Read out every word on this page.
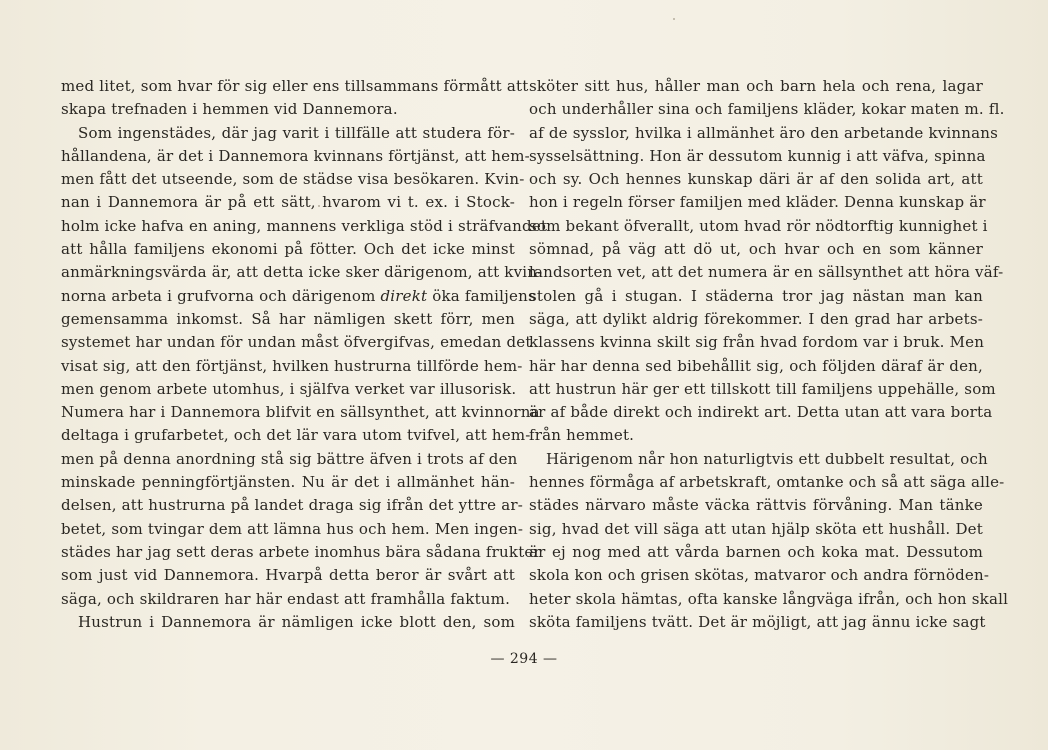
med litet, som hvar för sig eller ens tillsammans förmått att
skapa trefnaden i hemmen vid Dannemora.
Som ingenstädes, där jag varit i tillfälle att studera för-
hållandena, är det i Dannemora kvinnans förtjänst, att hem-
men fått det utseende, som de städse visa besökaren. Kvin-
nan i Dannemora är på ett sätt, hvarom vi t. ex. i Stock-
holm icke hafva en aning, mannens verkliga stöd i sträfvandet
att hålla familjens ekonomi på fötter. Och det icke minst
anmärkningsvärda är, att detta icke sker därigenom, att kvin-
norna arbeta i grufvorna och därigenom direkt öka familjens
gemensamma inkomst. Så har nämligen skett förr, men
systemet har undan för undan måst öfvergifvas, emedan det
visat sig, att den förtjänst, hvilken hustrurna tillförde hem-
men genom arbete utomhus, i själfva verket var illusorisk.
Numera har i Dannemora blifvit en sällsynthet, att kvinnorna
deltaga i grufarbetet, och det lär vara utom tvifvel, att hem-
men på denna anordning stå sig bättre äfven i trots af den
minskade penningförtjänsten. Nu är det i allmänhet hän-
delsen, att hustrurna på landet draga sig ifrån det yttre ar-
betet, som tvingar dem att lämna hus och hem. Men ingen-
städes har jag sett deras arbete inomhus bära sådana frukter
som just vid Dannemora. Hvarpå detta beror är svårt att
säga, och skildraren har här endast att framhålla faktum.
Hustrun i Dannemora är nämligen icke blott den, som
sköter sitt hus, håller man och barn hela och rena, lagar
och underhåller sina och familjens kläder, kokar maten m. fl.
af de sysslor, hvilka i allmänhet äro den arbetande kvinnans
sysselsättning. Hon är dessutom kunnig i att väfva, spinna
och sy. Och hennes kunskap däri är af den solida art, att
hon i regeln förser familjen med kläder. Denna kunskap är
som bekant öfverallt, utom hvad rör nödtorftig kunnighet i
sömnad, på väg att dö ut, och hvar och en som känner
landsorten vet, att det numera är en sällsynthet att höra väf-
stolen gå i stugan. I städerna tror jag nästan man kan
säga, att dylikt aldrig förekommer. I den grad har arbets-
klassens kvinna skilt sig från hvad fordom var i bruk. Men
här har denna sed bibehållit sig, och följden däraf är den,
att hustrun här ger ett tillskott till familjens uppehälle, som
är af både direkt och indirekt art. Detta utan att vara borta
från hemmet.
Härigenom når hon naturligtvis ett dubbelt resultat, och
hennes förmåga af arbetskraft, omtanke och så att säga alle-
städes närvaro måste väcka rättvis förvåning. Man tänke
sig, hvad det vill säga att utan hjälp sköta ett hushåll. Det
är ej nog med att vårda barnen och koka mat. Dessutom
skola kon och grisen skötas, matvaror och andra förnöden-
heter skola hämtas, ofta kanske långväga ifrån, och hon skall
sköta familjens tvätt. Det är möjligt, att jag ännu icke sagt
— 294 —
